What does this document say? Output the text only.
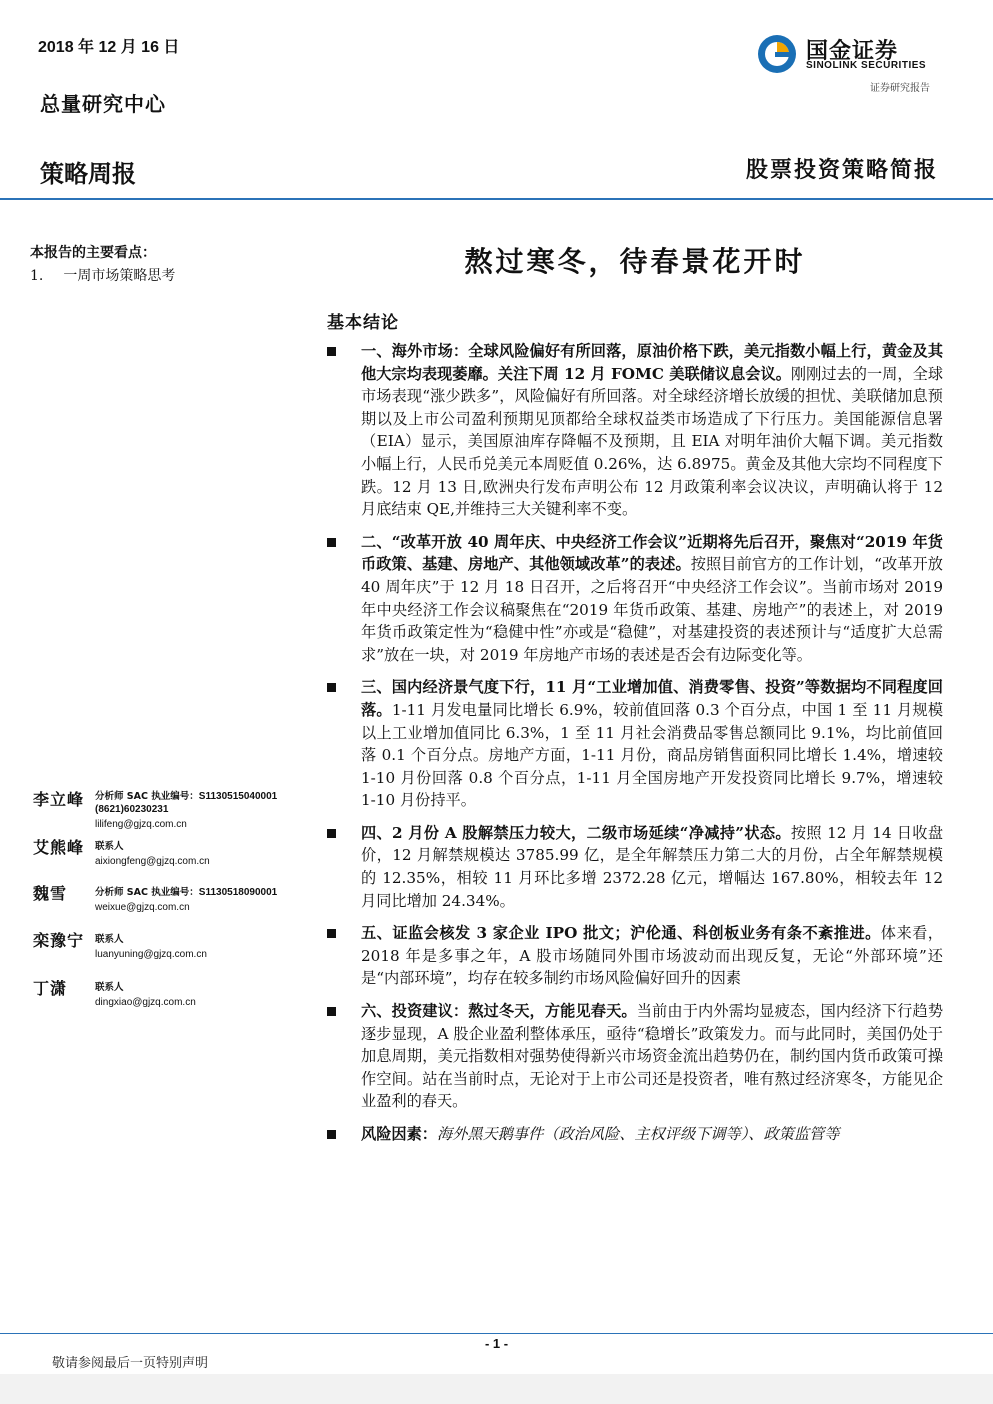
2018 年 12 月 16 日
总量研究中心
国金证券
SINOLINK SECURITIES
证券研究报告
策略周报	股票投资策略简报
本报告的主要看点：
1. 一周市场策略思考	熬过寒冬，待春景花开时
基本结论
一、海外市场：全球风险偏好有所回落，原油价格下跌，美元指数小幅上行，黄金及其他大宗均表现萎靡。关注下周 12 月 FOMC 美联储议息会议。刚刚过去的一周，全球市场表现“涨少跌多”，风险偏好有所回落。对全球经济增长放缓的担忧、美联储加息预期以及上市公司盈利预期见顶都给全球权益类市场造成了下行压力。美国能源信息署（EIA）显示，美国原油库存降幅不及预期，且 EIA 对明年油价大幅下调。美元指数小幅上行，人民币兑美元本周贬值 0.26%，达 6.8975。黄金及其他大宗均不同程度下跌。12 月 13 日,欧洲央行发布声明公布 12 月政策利率会议决议，声明确认将于 12 月底结束 QE,并维持三大关键利率不变。
二、“改革开放 40 周年庆、中央经济工作会议”近期将先后召开，聚焦对“2019 年货币政策、基建、房地产、其他领域改革”的表述。按照目前官方的工作计划，“改革开放 40 周年庆”于 12 月 18 日召开，之后将召开“中央经济工作会议”。当前市场对 2019 年中央经济工作会议稿聚焦在“2019 年货币政策、基建、房地产”的表述上，对 2019 年货币政策定性为“稳健中性”亦或是“稳健”，对基建投资的表述预计与“适度扩大总需求”放在一块，对 2019 年房地产市场的表述是否会有边际变化等。
三、国内经济景气度下行，11 月“工业增加值、消费零售、投资”等数据均不同程度回落。1-11 月发电量同比增长 6.9%，较前值回落 0.3 个百分点，中国 1 至 11 月规模以上工业增加值同比 6.3%，1 至 11 月社会消费品零售总额同比 9.1%，均比前值回落 0.1 个百分点。房地产方面，1-11 月份，商品房销售面积同比增长 1.4%，增速较 1-10 月份回落 0.8 个百分点，1-11 月全国房地产开发投资同比增长 9.7%，增速较 1-10 月份持平。
四、2 月份 A 股解禁压力较大，二级市场延续“净减持”状态。按照 12 月 14 日收盘价，12 月解禁规模达 3785.99 亿，是全年解禁压力第二大的月份，占全年解禁规模的 12.35%，相较 11 月环比多增 2372.28 亿元，增幅达 167.80%，相较去年 12 月同比增加 24.34%。
五、证监会核发 3 家企业 IPO 批文；沪伦通、科创板业务有条不紊推进。体来看，2018 年是多事之年，A 股市场随同外围市场波动而出现反复，无论“外部环境”还是“内部环境”，均存在较多制约市场风险偏好回升的因素
六、投资建议：熬过冬天，方能见春天。当前由于内外需均显疲态，国内经济下行趋势逐步显现，A 股企业盈利整体承压，亟待“稳增长”政策发力。而与此同时，美国仍处于加息周期，美元指数相对强势使得新兴市场资金流出趋势仍在，制约国内货币政策可操作空间。站在当前时点，无论对于上市公司还是投资者，唯有熬过经济寒冬，方能见企业盈利的春天。
风险因素：海外黑天鹅事件（政治风险、主权评级下调等）、政策监管等
李立峰 分析师 SAC 执业编号：S1130515040001
(8621)60230231
lilifeng@gjzq.com.cn
艾熊峰 联系人
aixiongfeng@gjzq.com.cn
魏雪	分析师 SAC 执业编号：S1130518090001
weixue@gjzq.com.cn
栾豫宁 联系人
luanyuning@gjzq.com.cn
丁潇	联系人
dingxiao@gjzq.com.cn
- 1 -
敬请参阅最后一页特别声明
